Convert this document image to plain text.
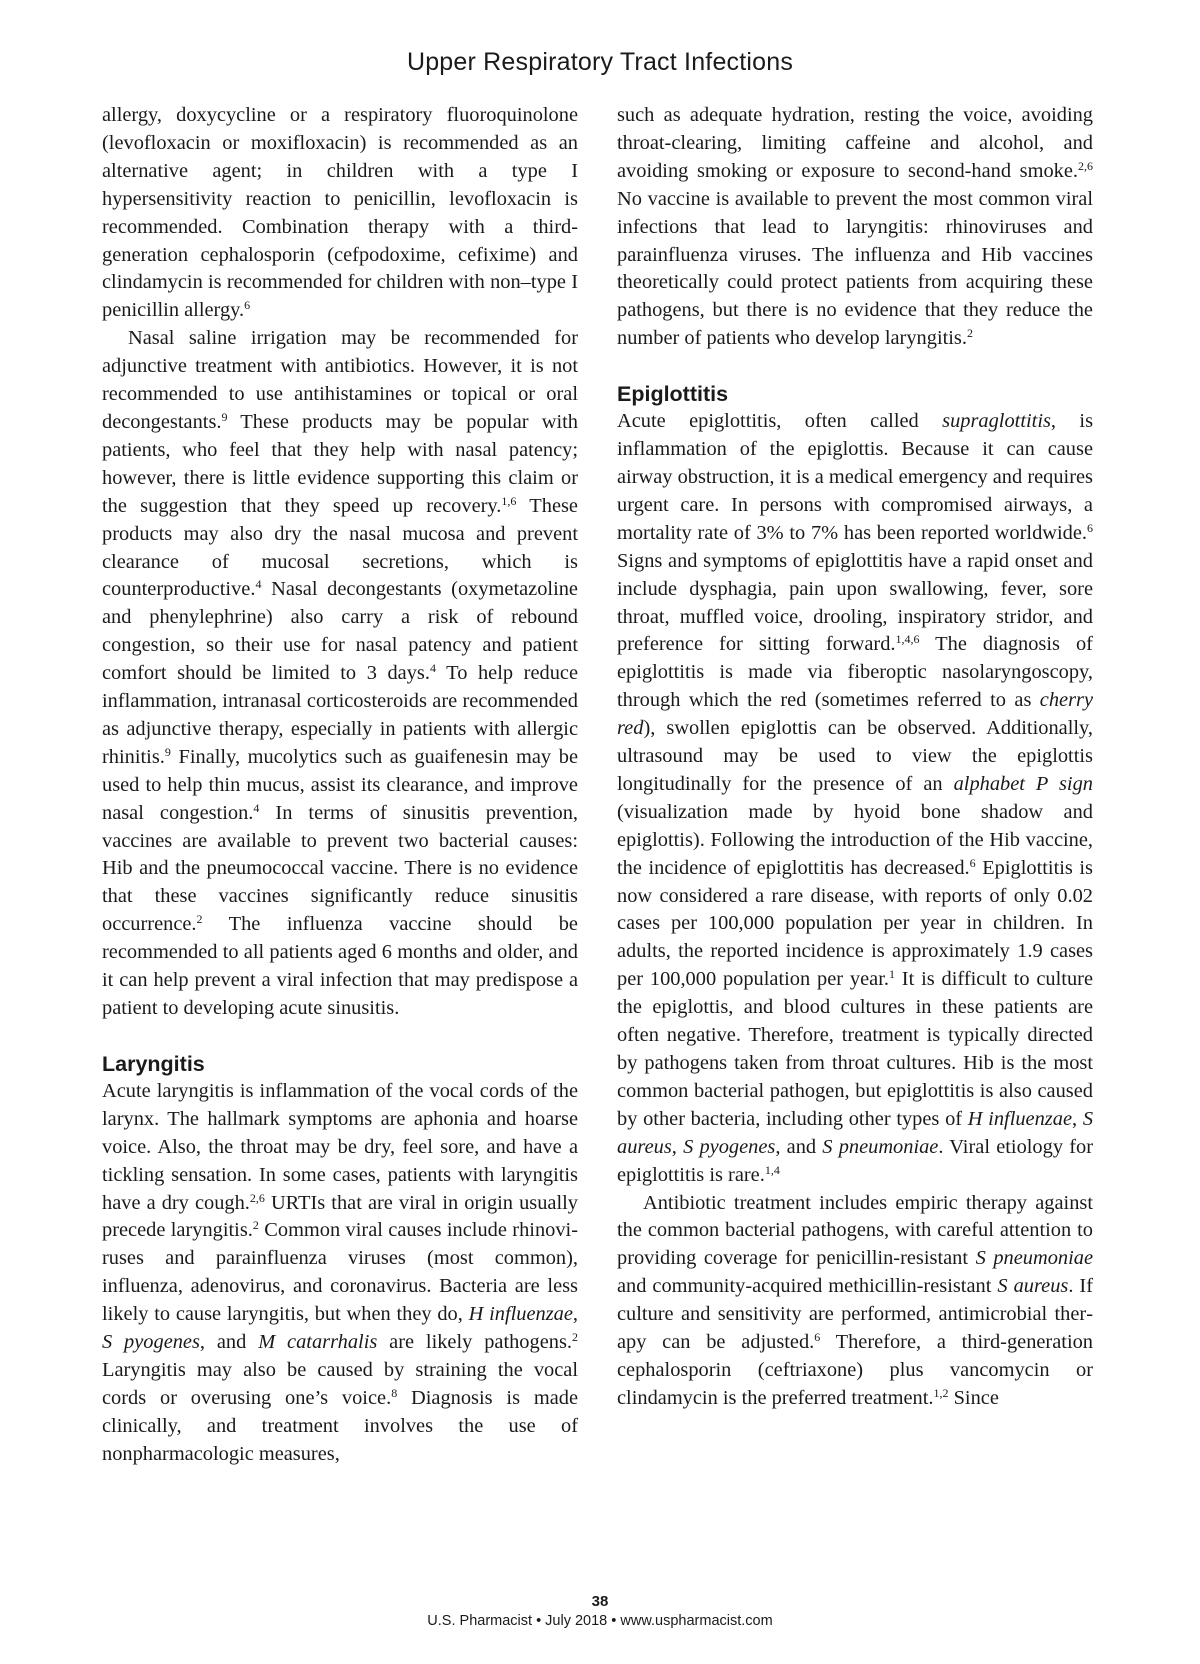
Upper Respiratory Tract Infections

allergy, doxycycline or a respiratory fluoroquinolone (levofloxacin or moxifloxacin) is recommended as an alternative agent; in children with a type I hypersensitivity reaction to penicillin, levofloxacin is recommended. Combination therapy with a third-generation cephalosporin (cefpodoxime, cefixime) and clindamycin is recommended for children with non–type I penicillin allergy.$^6$

Nasal saline irrigation may be recommended for adjunctive treatment with antibiotics. However, it is not recommended to use antihistamines or topical or oral decongestants.$^9$ These products may be popular with patients, who feel that they help with nasal patency; however, there is little evidence supporting this claim or the suggestion that they speed up recovery.$^{1,6}$ These products may also dry the nasal mucosa and prevent clearance of mucosal secretions, which is counterproductive.$^4$ Nasal decongestants (oxymetazoline and phenylephrine) also carry a risk of rebound congestion, so their use for nasal patency and patient comfort should be limited to 3 days.$^4$ To help reduce inflammation, intranasal corticosteroids are recommended as adjunctive therapy, especially in patients with allergic rhinitis.$^9$ Finally, mucolytics such as guaifenesin may be used to help thin mucus, assist its clearance, and improve nasal congestion.$^4$ In terms of sinusitis prevention, vaccines are available to prevent two bacterial causes: Hib and the pneumococcal vaccine. There is no evidence that these vaccines significantly reduce sinusitis occurrence.$^2$ The influenza vaccine should be recommended to all patients aged 6 months and older, and it can help prevent a viral infection that may predispose a patient to developing acute sinusitis.

Laryngitis

Acute laryngitis is inflammation of the vocal cords of the larynx. The hallmark symptoms are aphonia and hoarse voice. Also, the throat may be dry, feel sore, and have a tickling sensation. In some cases, patients with laryngitis have a dry cough.$^{2,6}$ URTIs that are viral in origin usually precede laryngitis.$^2$ Common viral causes include rhinoviruses and parainfluenza viruses (most common), influenza, adenovirus, and coronavirus. Bacteria are less likely to cause laryngitis, but when they do, H influenzae, S pyogenes, and M catarrhalis are likely pathogens.$^2$ Laryngitis may also be caused by straining the vocal cords or overusing one’s voice.$^8$ Diagnosis is made clinically, and treatment involves the use of nonpharmacologic measures,

such as adequate hydration, resting the voice, avoiding throat-clearing, limiting caffeine and alcohol, and avoiding smoking or exposure to second-hand smoke.$^{2,6}$ No vaccine is available to prevent the most common viral infections that lead to laryngitis: rhinoviruses and parainfluenza viruses. The influenza and Hib vaccines theoretically could protect patients from acquiring these pathogens, but there is no evidence that they reduce the number of patients who develop laryngitis.$^2$

Epiglottitis

Acute epiglottitis, often called supraglottitis, is inflammation of the epiglottis. Because it can cause airway obstruction, it is a medical emergency and requires urgent care. In persons with compromised airways, a mortality rate of 3% to 7% has been reported worldwide.$^6$ Signs and symptoms of epiglottitis have a rapid onset and include dysphagia, pain upon swallowing, fever, sore throat, muffled voice, drooling, inspiratory stridor, and preference for sitting forward.$^{1,4,6}$ The diagnosis of epiglottitis is made via fiberoptic nasolaryngoscopy, through which the red (sometimes referred to as cherry red), swollen epiglottis can be observed. Additionally, ultrasound may be used to view the epiglottis longitudinally for the presence of an alphabet P sign (visualization made by hyoid bone shadow and epiglottis). Following the introduction of the Hib vaccine, the incidence of epiglottitis has decreased.$^6$ Epiglottitis is now considered a rare disease, with reports of only 0.02 cases per 100,000 population per year in children. In adults, the reported incidence is approximately 1.9 cases per 100,000 population per year.$^1$ It is difficult to culture the epiglottis, and blood cultures in these patients are often negative. Therefore, treatment is typically directed by pathogens taken from throat cultures. Hib is the most common bacterial pathogen, but epiglottitis is also caused by other bacteria, including other types of H influenzae, S aureus, S pyogenes, and S pneumoniae. Viral etiology for epiglottitis is rare.$^{1,4}$

Antibiotic treatment includes empiric therapy against the common bacterial pathogens, with careful attention to providing coverage for penicillin-resistant S pneumoniae and community-acquired methicillin-resistant S aureus. If culture and sensitivity are performed, antimicrobial therapy can be adjusted.$^6$ Therefore, a third-generation cephalosporin (ceftriaxone) plus vancomycin or clindamycin is the preferred treatment.$^{1,2}$ Since

38
U.S. Pharmacist • July 2018 • www.uspharmacist.com
